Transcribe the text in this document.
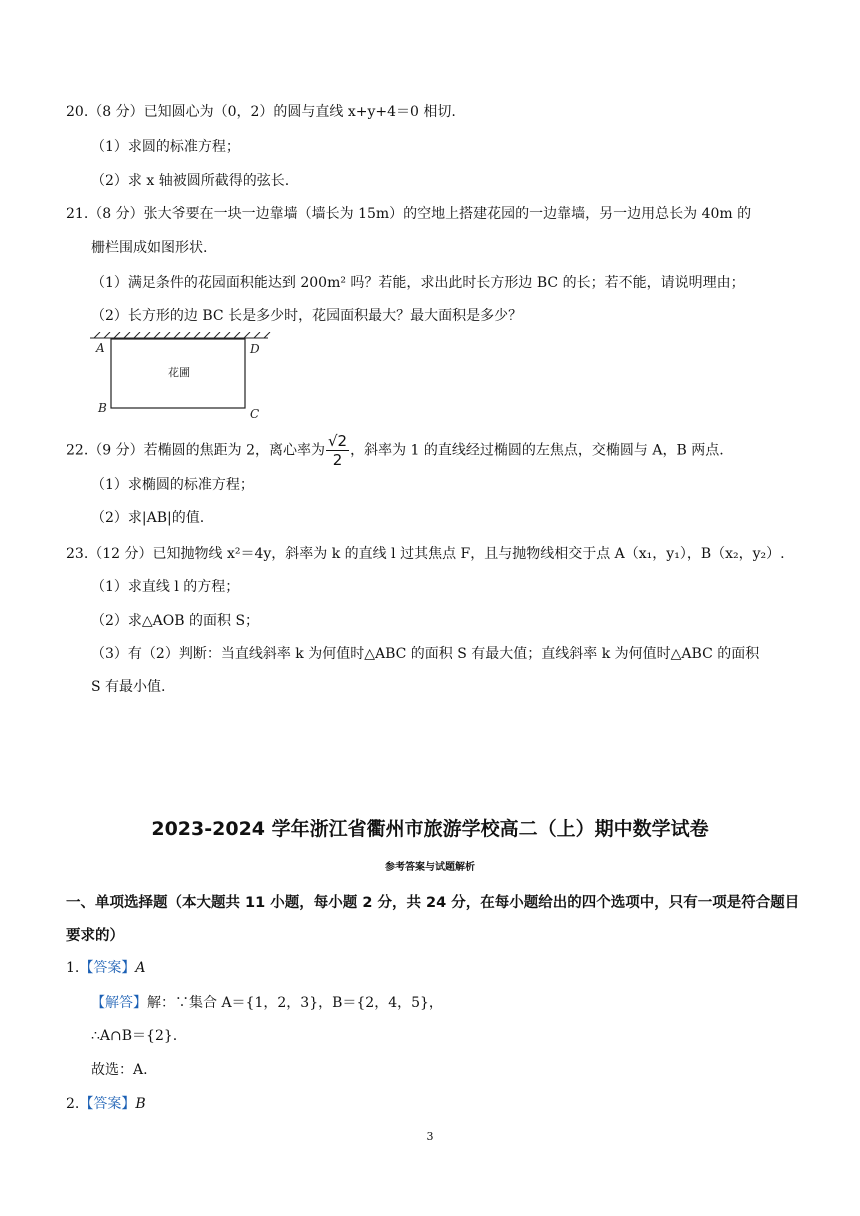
20.（8 分）已知圆心为（0，2）的圆与直线 x+y+4＝0 相切.
（1）求圆的标准方程；
（2）求 x 轴被圆所截得的弦长.
21.（8 分）张大爷要在一块一边靠墙（墙长为 15m）的空地上搭建花园的一边靠墙，另一边用总长为 40m 的
栅栏围成如图形状.
（1）满足条件的花园面积能达到 200m² 吗？若能，求出此时长方形边 BC 的长；若不能，请说明理由；
（2）长方形的边 BC 长是多少时，花园面积最大？最大面积是多少？
A	D
B	C
花圃
22.（9 分）若椭圆的焦距为 2，离心率为 $\frac{√2}{2}$ ，斜率为 1 的直线经过椭圆的左焦点，交椭圆与 A，B 两点.
（1）求椭圆的标准方程；
（2）求|AB|的值.
23.（12 分）已知抛物线 x²＝4y，斜率为 k 的直线 l 过其焦点 F，且与抛物线相交于点 A（x₁，y₁），B（x₂，y₂）.
（1）求直线 l 的方程；
（2）求△AOB 的面积 S；
（3）有（2）判断：当直线斜率 k 为何值时△ABC 的面积 S 有最大值；直线斜率 k 为何值时△ABC 的面积
S 有最小值.
2023-2024 学年浙江省衢州市旅游学校高二（上）期中数学试卷
参考答案与试题解析
一、单项选择题（本大题共 11 小题，每小题 2 分，共 24 分，在每小题给出的四个选项中，只有一项是符合题目要求的）
1.【答案】A
【解答】解：∵集合 A＝{1，2，3}，B＝{2，4，5}，
∴A∩B＝{2}.
故选：A.
2.【答案】B
3
